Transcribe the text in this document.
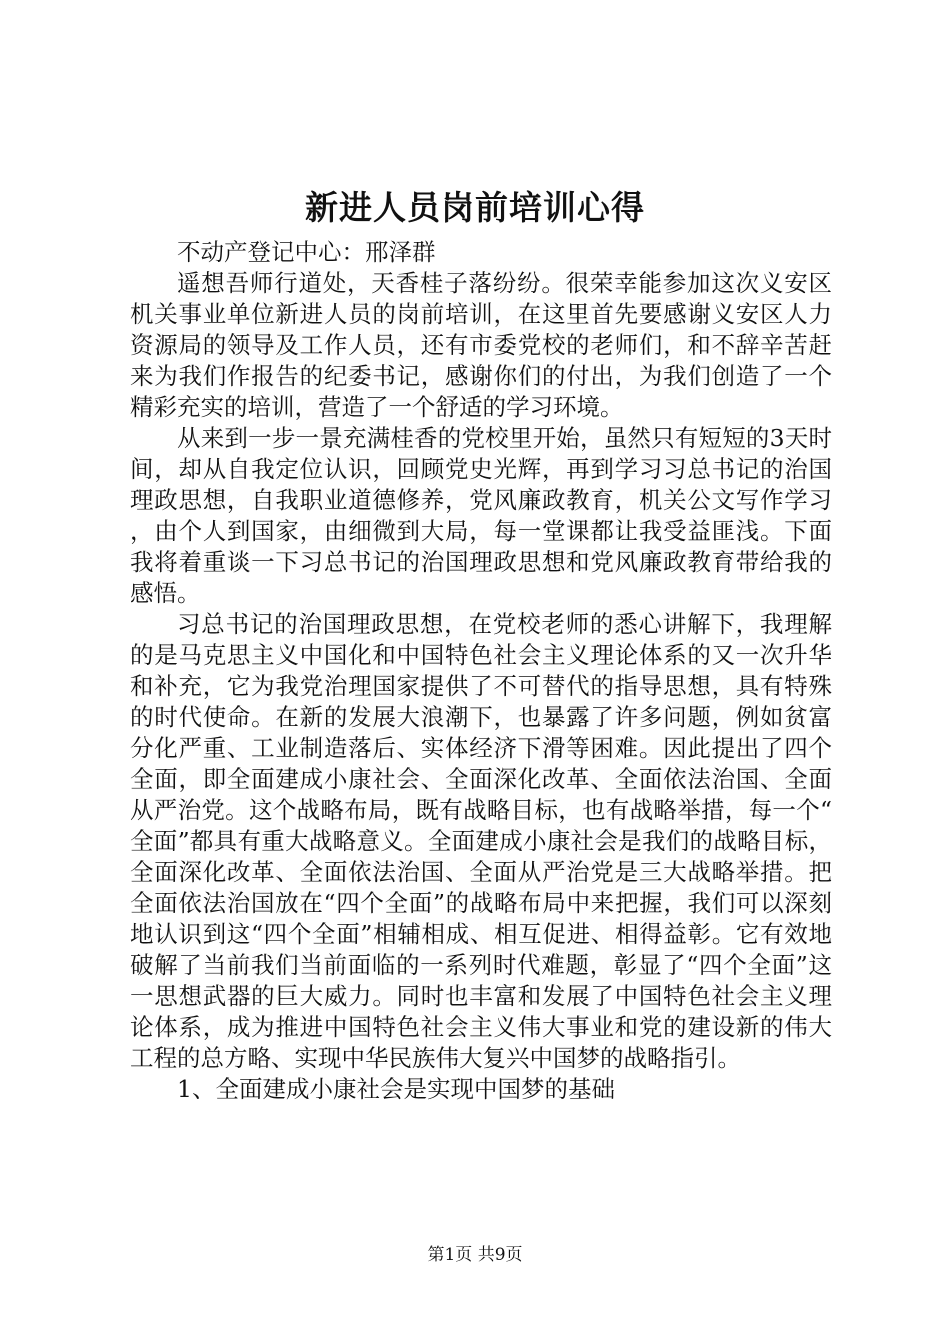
新进人员岗前培训心得

不动产登记中心：邢泽群

遥想吾师行道处，天香桂子落纷纷。很荣幸能参加这次义安区机关事业单位新进人员的岗前培训，在这里首先要感谢义安区人力资源局的领导及工作人员，还有市委党校的老师们，和不辞辛苦赶来为我们作报告的纪委书记，感谢你们的付出，为我们创造了一个精彩充实的培训，营造了一个舒适的学习环境。

从来到一步一景充满桂香的党校里开始，虽然只有短短的3天时间，却从自我定位认识，回顾党史光辉，再到学习习总书记的治国理政思想，自我职业道德修养，党风廉政教育，机关公文写作学习，由个人到国家，由细微到大局，每一堂课都让我受益匪浅。下面我将着重谈一下习总书记的治国理政思想和党风廉政教育带给我的感悟。

习总书记的治国理政思想，在党校老师的悉心讲解下，我理解的是马克思主义中国化和中国特色社会主义理论体系的又一次升华和补充，它为我党治理国家提供了不可替代的指导思想，具有特殊的时代使命。在新的发展大浪潮下，也暴露了许多问题，例如贫富分化严重、工业制造落后、实体经济下滑等困难。因此提出了四个全面，即全面建成小康社会、全面深化改革、全面依法治国、全面从严治党。这个战略布局，既有战略目标，也有战略举措，每一个“全面”都具有重大战略意义。全面建成小康社会是我们的战略目标，全面深化改革、全面依法治国、全面从严治党是三大战略举措。把全面依法治国放在“四个全面”的战略布局中来把握，我们可以深刻地认识到这“四个全面”相辅相成、相互促进、相得益彰。它有效地破解了当前我们当前面临的一系列时代难题，彰显了“四个全面”这一思想武器的巨大威力。同时也丰富和发展了中国特色社会主义理论体系，成为推进中国特色社会主义伟大事业和党的建设新的伟大工程的总方略、实现中华民族伟大复兴中国梦的战略指引。

1、全面建成小康社会是实现中国梦的基础

第1页 共9页
